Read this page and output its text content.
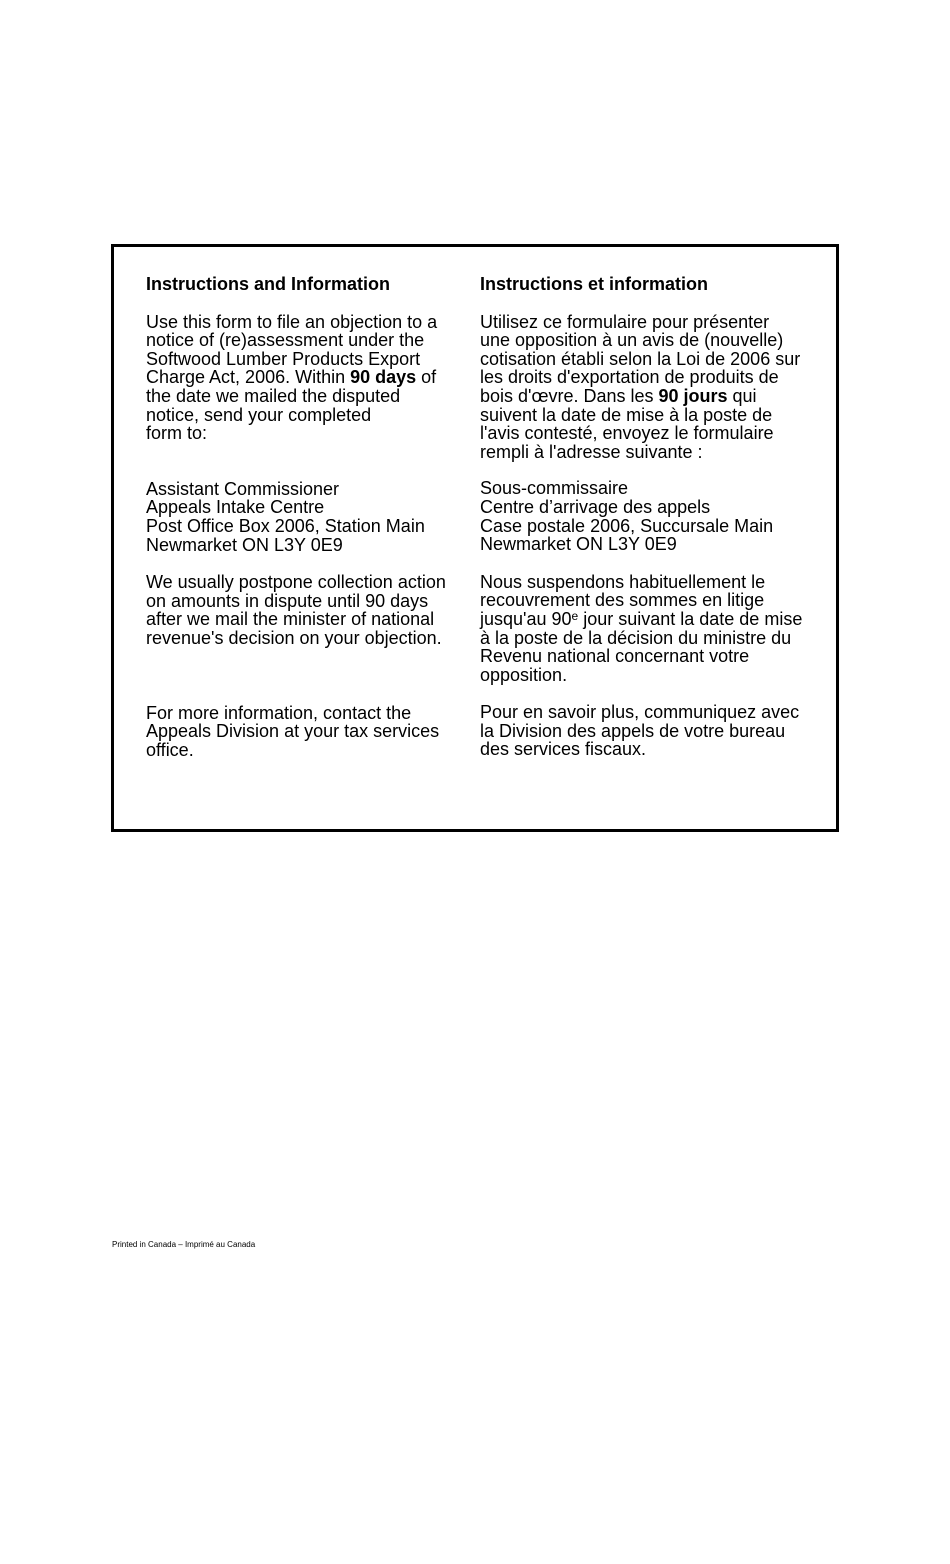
Instructions and Information

Use this form to file an objection to a
notice of (re)assessment under the
Softwood Lumber Products Export
Charge Act, 2006. Within 90 days of
the date we mailed the disputed
notice, send your completed
form to:

Assistant Commissioner
Appeals Intake Centre
Post Office Box 2006, Station Main
Newmarket ON L3Y 0E9

We usually postpone collection action
on amounts in dispute until 90 days
after we mail the minister of national
revenue's decision on your objection.

For more information, contact the
Appeals Division at your tax services
office.

Instructions et information

Utilisez ce formulaire pour présenter
une opposition à un avis de (nouvelle)
cotisation établi selon la Loi de 2006 sur
les droits d'exportation de produits de
bois d'œvre. Dans les 90 jours qui
suivent la date de mise à la poste de
l'avis contesté, envoyez le formulaire
rempli à l'adresse suivante :

Sous-commissaire
Centre d’arrivage des appels
Case postale 2006, Succursale Main
Newmarket ON L3Y 0E9

Nous suspendons habituellement le
recouvrement des sommes en litige
jusqu'au 90e jour suivant la date de mise
à la poste de la décision du ministre du
Revenu national concernant votre
opposition.

Pour en savoir plus, communiquez avec
la Division des appels de votre bureau
des services fiscaux.

Printed in Canada – Imprimé au Canada
